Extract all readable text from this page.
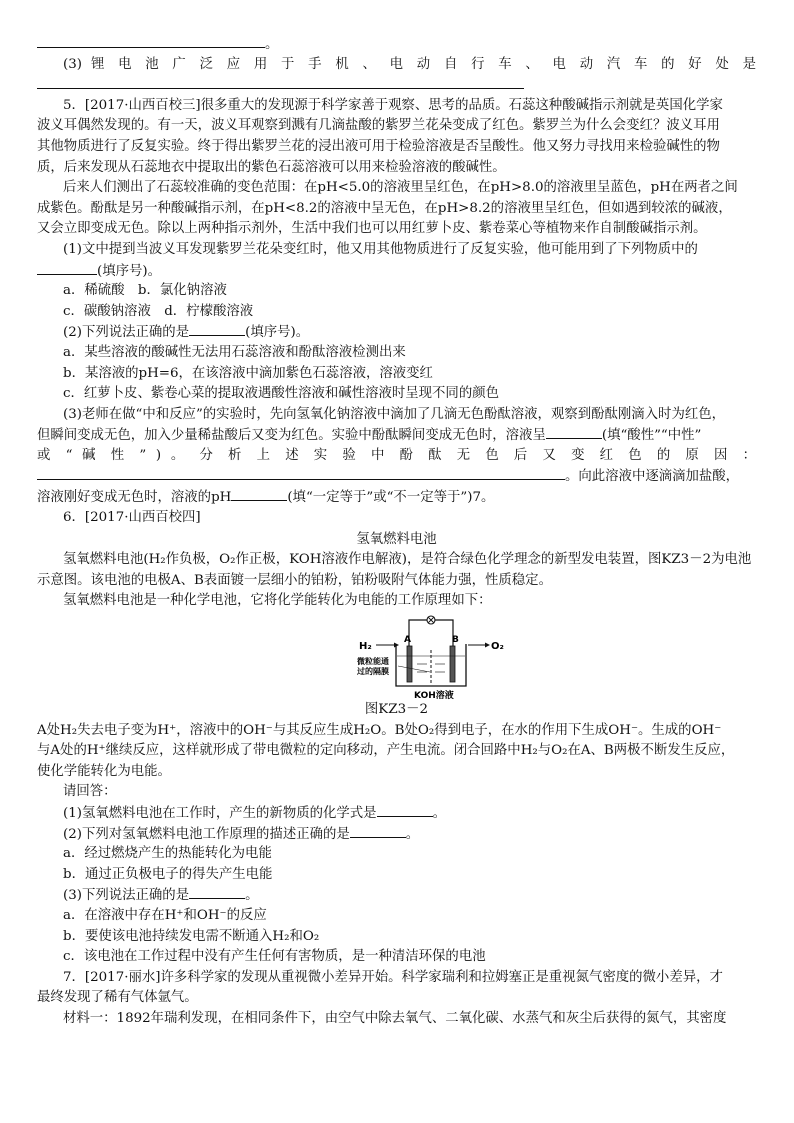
。
(3) 锂 电 池 广 泛 应 用 于 手 机 、 电 动 自 行 车 、 电 动 汽 车 的 好 处 是
5．[2017·山西百校三]很多重大的发现源于科学家善于观察、思考的品质。石蕊这种酸碱指示剂就是英国化学家
波义耳偶然发现的。有一天，波义耳观察到溅有几滴盐酸的紫罗兰花朵变成了红色。紫罗兰为什么会变红？波义耳用
其他物质进行了反复实验。终于得出紫罗兰花的浸出液可用于检验溶液是否呈酸性。他又努力寻找用来检验碱性的物
质，后来发现从石蕊地衣中提取出的紫色石蕊溶液可以用来检验溶液的酸碱性。
后来人们测出了石蕊较准确的变色范围：在pH<5.0的溶液里呈红色，在pH>8.0的溶液里呈蓝色，pH在两者之间
成紫色。酚酞是另一种酸碱指示剂，在pH<8.2的溶液中呈无色，在pH>8.2的溶液里呈红色，但如遇到较浓的碱液，
又会立即变成无色。除以上两种指示剂外，生活中我们也可以用红萝卜皮、紫卷菜心等植物来作自制酸碱指示剂。
(1)文中提到当波义耳发现紫罗兰花朵变红时，他又用其他物质进行了反复实验，他可能用到了下列物质中的
(填序号)。
a．稀硫酸　b．氯化钠溶液
c．碳酸钠溶液　d．柠檬酸溶液
(2)下列说法正确的是	(填序号)。
a．某些溶液的酸碱性无法用石蕊溶液和酚酞溶液检测出来
b．某溶液的pH=6，在该溶液中滴加紫色石蕊溶液，溶液变红
c．红萝卜皮、紫卷心菜的提取液遇酸性溶液和碱性溶液时呈现不同的颜色
(3)老师在做“中和反应”的实验时，先向氢氧化钠溶液中滴加了几滴无色酚酞溶液，观察到酚酞刚滴入时为红色，
但瞬间变成无色，加入少量稀盐酸后又变为红色。实验中酚酞瞬间变成无色时，溶液呈	(填“酸性”“中性”
或 “ 碱 性 ” ) 。 分 析 上 述 实 验 中 酚 酞 无 色 后 又 变 红 色 的 原 因 ：
。向此溶液中逐滴滴加盐酸，
溶液刚好变成无色时，溶液的pH	(填“一定等于”或“不一定等于”)7。
6．[2017·山西百校四]
氢氧燃料电池
氢氧燃料电池(H₂作负极，O₂作正极，KOH溶液作电解液)，是符合绿色化学理念的新型发电装置，图KZ3－2为电池
示意图。该电池的电极A、B表面镀一层细小的铂粉，铂粉吸附气体能力强，性质稳定。
氢氧燃料电池是一种化学电池，它将化学能转化为电能的工作原理如下：
H₂	O₂
A	B
微粒能通
过的隔膜
KOH溶液
图KZ3－2
A处H₂失去电子变为H⁺，溶液中的OH⁻与其反应生成H₂O。B处O₂得到电子，在水的作用下生成OH⁻。生成的OH⁻
与A处的H⁺继续反应，这样就形成了带电微粒的定向移动，产生电流。闭合回路中H₂与O₂在A、B两极不断发生反应，
使化学能转化为电能。
请回答：
(1)氢氧燃料电池在工作时，产生的新物质的化学式是	。
(2)下列对氢氧燃料电池工作原理的描述正确的是	。
a．经过燃烧产生的热能转化为电能
b．通过正负极电子的得失产生电能
(3)下列说法正确的是	。
a．在溶液中存在H⁺和OH⁻的反应
b．要使该电池持续发电需不断通入H₂和O₂
c．该电池在工作过程中没有产生任何有害物质，是一种清洁环保的电池
7．[2017·丽水]许多科学家的发现从重视微小差异开始。科学家瑞利和拉姆塞正是重视氮气密度的微小差异，才
最终发现了稀有气体氩气。
材料一：1892年瑞利发现，在相同条件下，由空气中除去氧气、二氧化碳、水蒸气和灰尘后获得的氮气，其密度
